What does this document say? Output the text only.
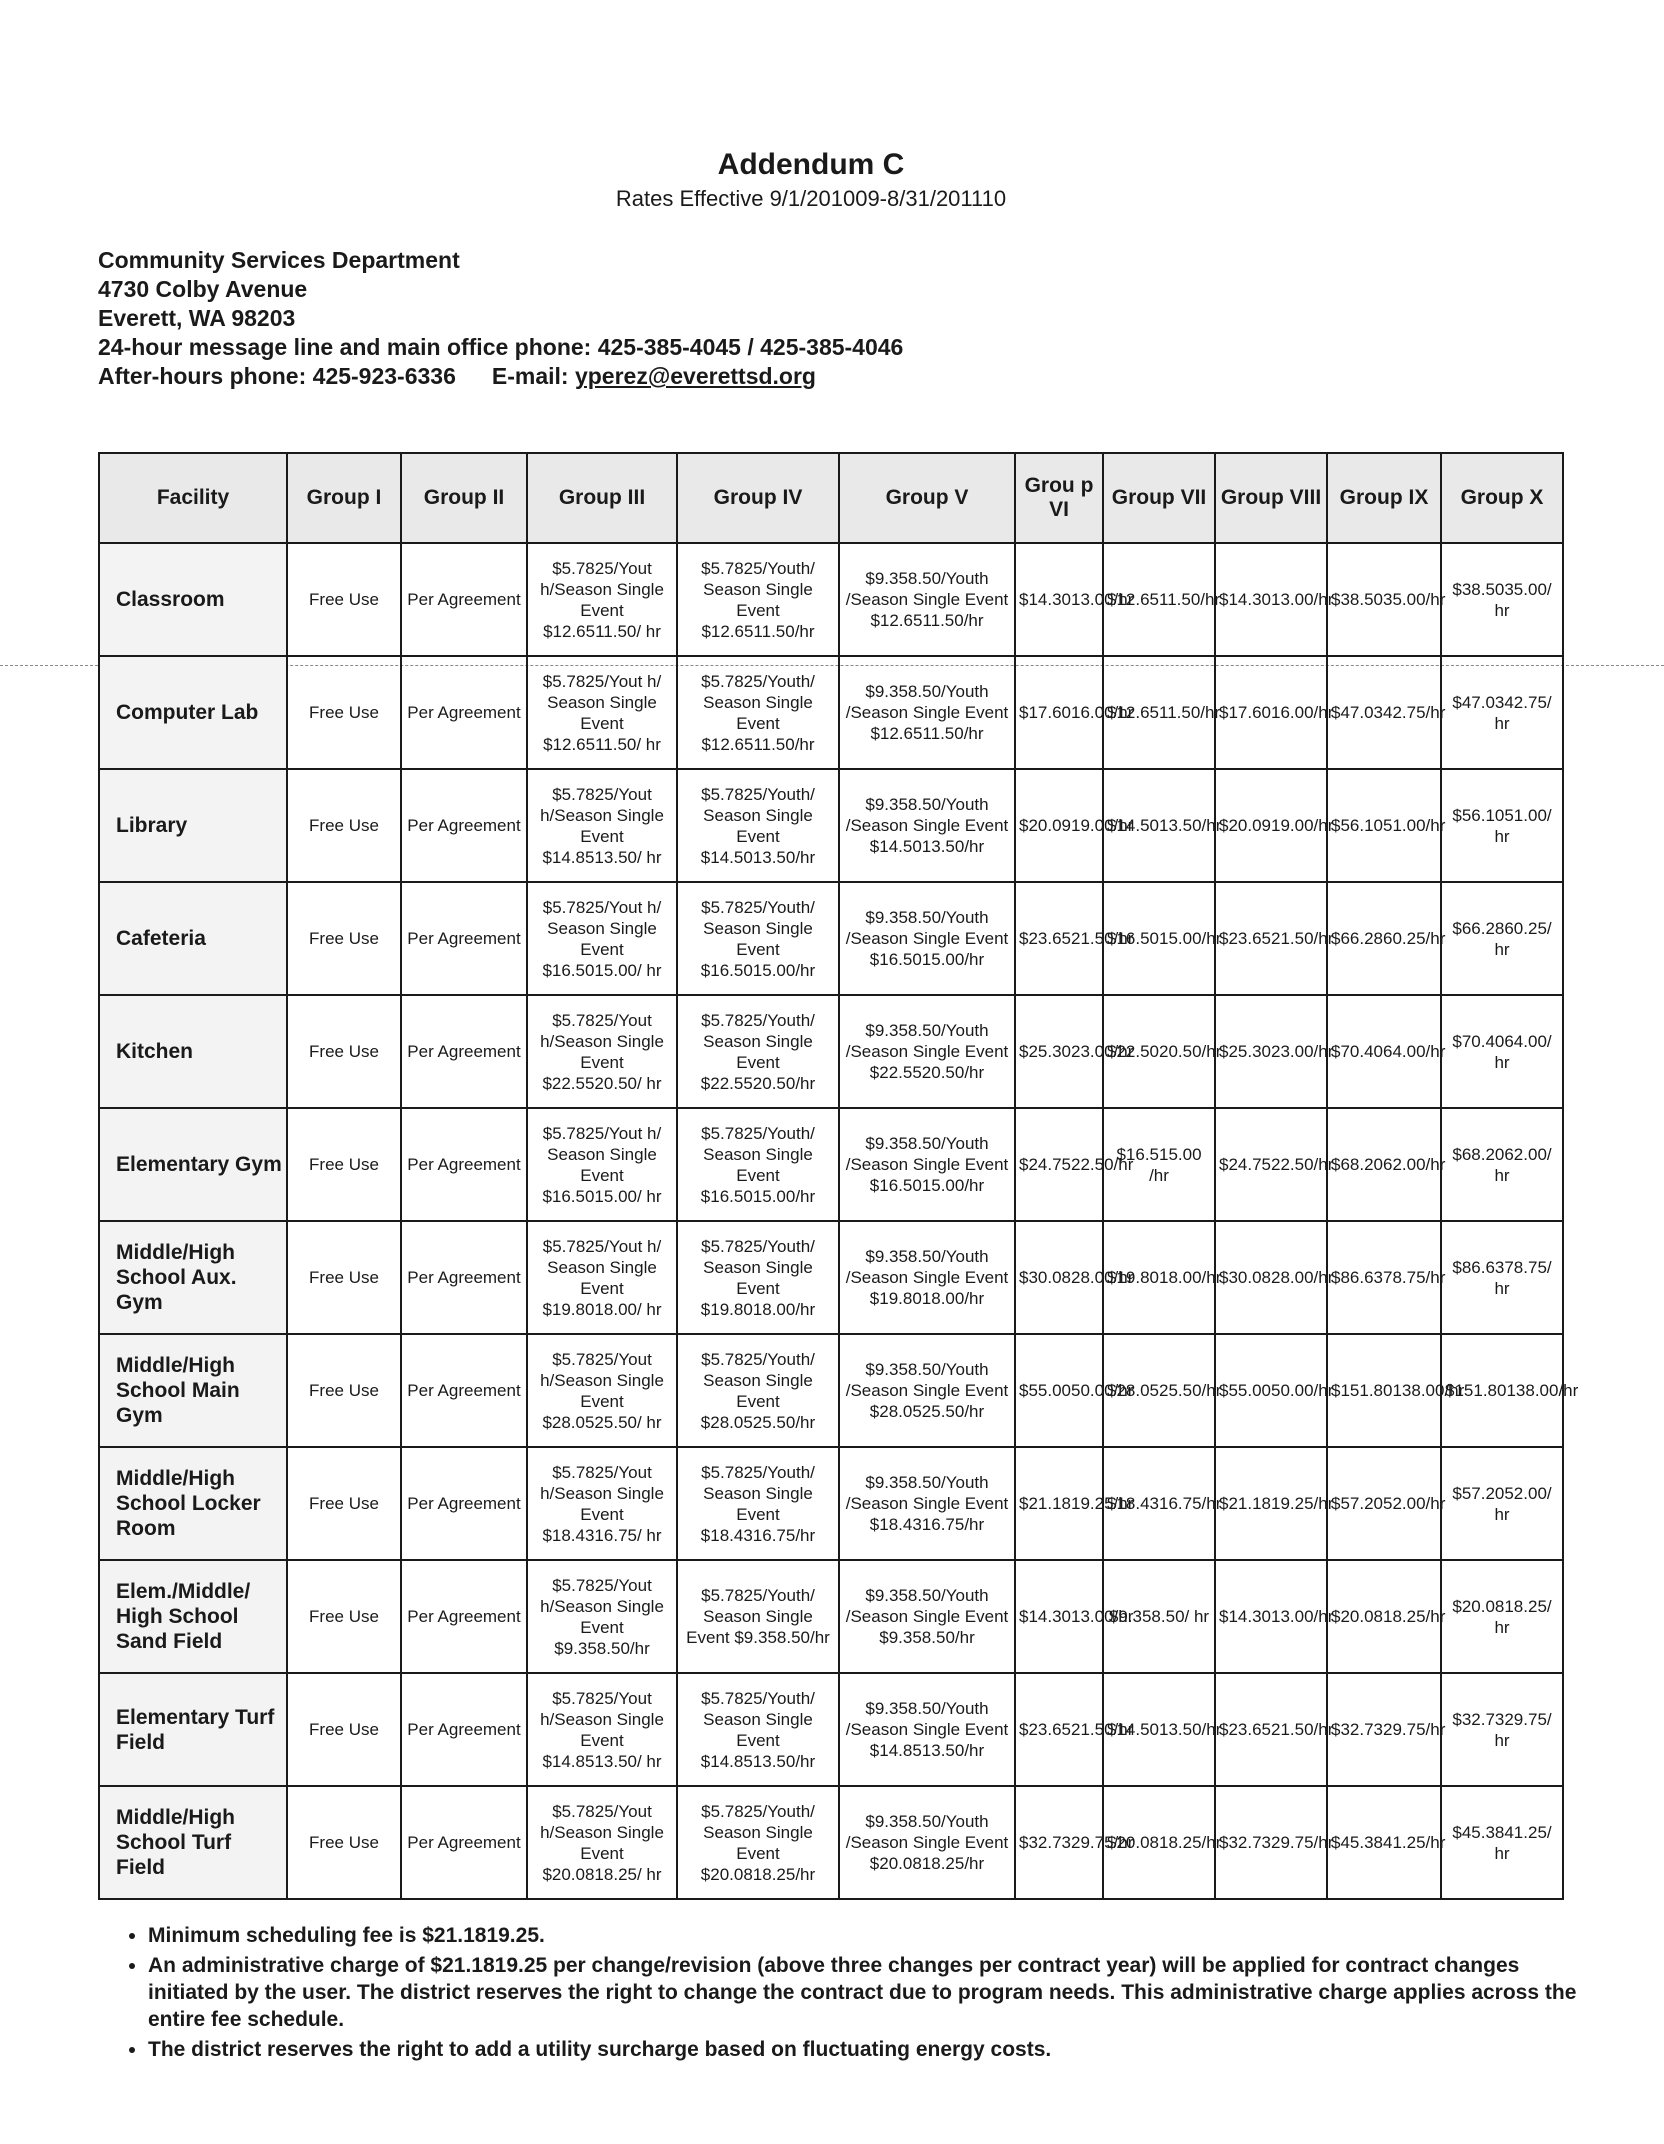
Addendum C
Rates Effective 9/1/201009-8/31/201110
Community Services Department
4730 Colby Avenue
Everett, WA 98203
24-hour message line and main office phone: 425-385-4045 / 425-385-4046
After-hours phone: 425-923-6336 E-mail: yperez@everettsd.org
Facility	Group I	Group II	Group III	Group IV	Group V	Grou p VI	Group VII	Group VIII	Group IX	Group X
Classroom	Free Use	Per Agreement	$5.7825/Yout h/Season Single Event $12.6511.50/ hr	$5.7825/Youth/ Season Single Event $12.6511.50/hr	$9.358.50/Youth /Season Single Event $12.6511.50/hr	$14.3013.00/hr	$12.6511.50/hr	$14.3013.00/hr	$38.5035.00/hr	$38.5035.00/ hr
Computer Lab	Free Use	Per Agreement	$5.7825/Yout h/ Season Single Event $12.6511.50/ hr	$5.7825/Youth/ Season Single Event $12.6511.50/hr	$9.358.50/Youth /Season Single Event $12.6511.50/hr	$17.6016.00/hr	$12.6511.50/hr	$17.6016.00/hr	$47.0342.75/hr	$47.0342.75/ hr
Library	Free Use	Per Agreement	$5.7825/Yout h/Season Single Event $14.8513.50/ hr	$5.7825/Youth/ Season Single Event $14.5013.50/hr	$9.358.50/Youth /Season Single Event $14.5013.50/hr	$20.0919.00/hr	$14.5013.50/hr	$20.0919.00/hr	$56.1051.00/hr	$56.1051.00/ hr
Cafeteria	Free Use	Per Agreement	$5.7825/Yout h/ Season Single Event $16.5015.00/ hr	$5.7825/Youth/ Season Single Event $16.5015.00/hr	$9.358.50/Youth /Season Single Event $16.5015.00/hr	$23.6521.50/hr	$16.5015.00/hr	$23.6521.50/hr	$66.2860.25/hr	$66.2860.25/ hr
Kitchen	Free Use	Per Agreement	$5.7825/Yout h/Season Single Event $22.5520.50/ hr	$5.7825/Youth/ Season Single Event $22.5520.50/hr	$9.358.50/Youth /Season Single Event $22.5520.50/hr	$25.3023.00/hr	$22.5020.50/hr	$25.3023.00/hr	$70.4064.00/hr	$70.4064.00/ hr
Elementary Gym	Free Use	Per Agreement	$5.7825/Yout h/ Season Single Event $16.5015.00/ hr	$5.7825/Youth/ Season Single Event $16.5015.00/hr	$9.358.50/Youth /Season Single Event $16.5015.00/hr	$24.7522.50/hr	$16.515.00 /hr	$24.7522.50/hr	$68.2062.00/hr	$68.2062.00/ hr
Middle/High School Aux. Gym	Free Use	Per Agreement	$5.7825/Yout h/ Season Single Event $19.8018.00/ hr	$5.7825/Youth/ Season Single Event $19.8018.00/hr	$9.358.50/Youth /Season Single Event $19.8018.00/hr	$30.0828.00/hr	$19.8018.00/hr	$30.0828.00/hr	$86.6378.75/hr	$86.6378.75/ hr
Middle/High School Main Gym	Free Use	Per Agreement	$5.7825/Yout h/Season Single Event $28.0525.50/ hr	$5.7825/Youth/ Season Single Event $28.0525.50/hr	$9.358.50/Youth /Season Single Event $28.0525.50/hr	$55.0050.00/hr	$28.0525.50/hr	$55.0050.00/hr	$151.80138.00/hr	$151.80138.00/hr
Middle/High School Locker Room	Free Use	Per Agreement	$5.7825/Yout h/Season Single Event $18.4316.75/ hr	$5.7825/Youth/ Season Single Event $18.4316.75/hr	$9.358.50/Youth /Season Single Event $18.4316.75/hr	$21.1819.25/hr	$18.4316.75/hr	$21.1819.25/hr	$57.2052.00/hr	$57.2052.00/ hr
Elem./Middle/ High School Sand Field	Free Use	Per Agreement	$5.7825/Yout h/Season Single Event $9.358.50/hr	$5.7825/Youth/ Season Single Event $9.358.50/hr	$9.358.50/Youth /Season Single Event $9.358.50/hr	$14.3013.00/hr	$9.358.50/ hr	$14.3013.00/hr	$20.0818.25/hr	$20.0818.25/ hr
Elementary Turf Field	Free Use	Per Agreement	$5.7825/Yout h/Season Single Event $14.8513.50/ hr	$5.7825/Youth/ Season Single Event $14.8513.50/hr	$9.358.50/Youth /Season Single Event $14.8513.50/hr	$23.6521.50/hr	$14.5013.50/hr	$23.6521.50/hr	$32.7329.75/hr	$32.7329.75/ hr
Middle/High School Turf Field	Free Use	Per Agreement	$5.7825/Yout h/Season Single Event $20.0818.25/ hr	$5.7825/Youth/ Season Single Event $20.0818.25/hr	$9.358.50/Youth /Season Single Event $20.0818.25/hr	$32.7329.75/hr	$20.0818.25/hr	$32.7329.75/hr	$45.3841.25/hr	$45.3841.25/ hr
• Minimum scheduling fee is $21.1819.25.
• An administrative charge of $21.1819.25 per change/revision (above three changes per contract year) will be applied for contract changes initiated by the user. The district reserves the right to change the contract due to program needs. This administrative charge applies across the entire fee schedule.
• The district reserves the right to add a utility surcharge based on fluctuating energy costs.
